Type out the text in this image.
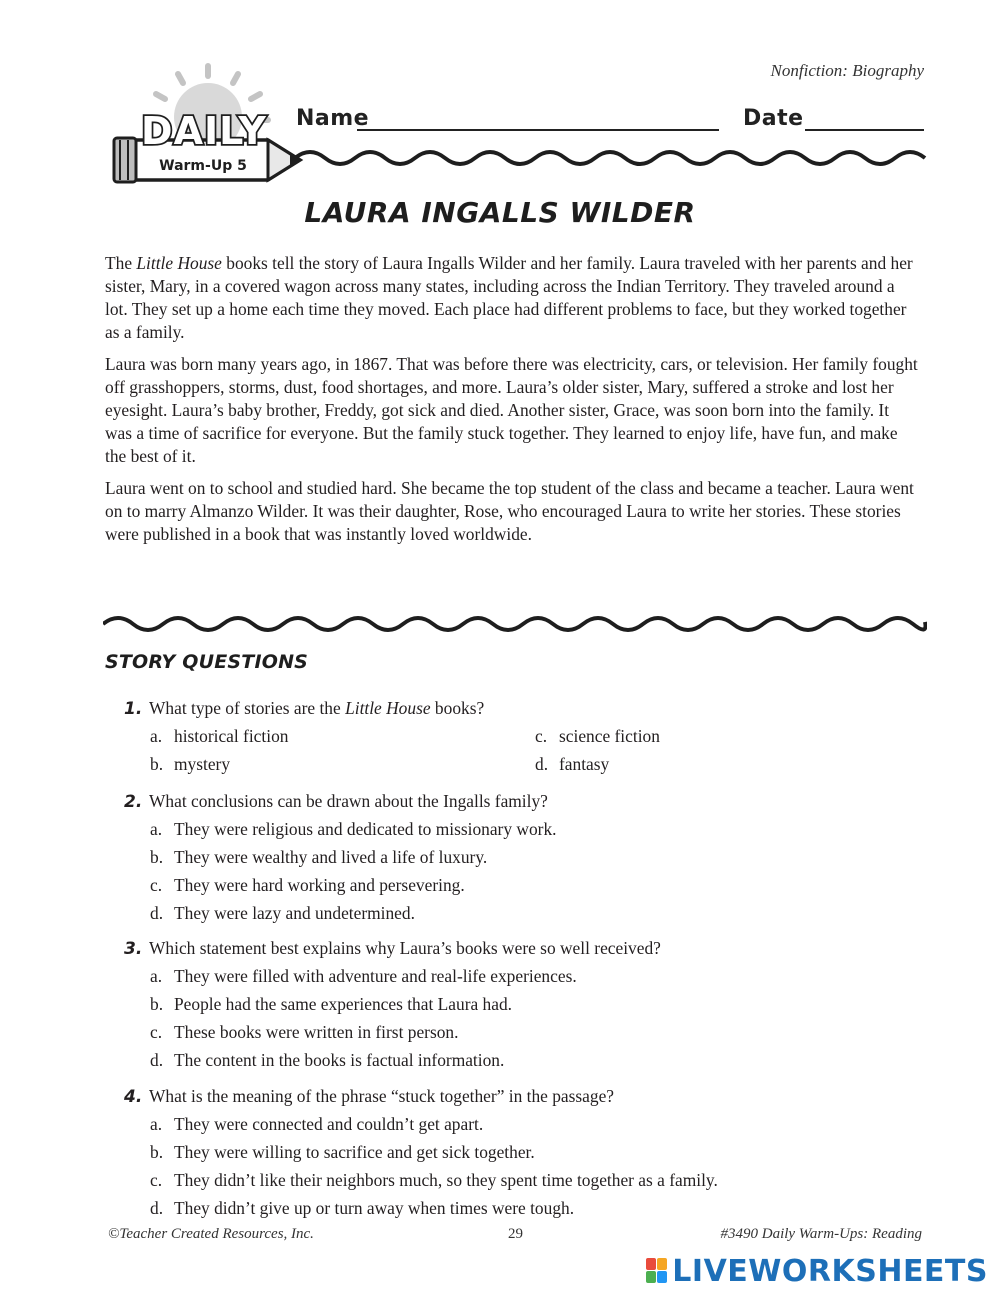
Nonfiction: Biography
DAILY
Warm-Up 5
Name	Date
LAURA INGALLS WILDER

The Little House books tell the story of Laura Ingalls Wilder and her family. Laura traveled with her parents and her sister, Mary, in a covered wagon across many states, including across the Indian Territory. They traveled around a lot. They set up a home each time they moved. Each place had different problems to face, but they worked together as a family.

Laura was born many years ago, in 1867. That was before there was electricity, cars, or television. Her family fought off grasshoppers, storms, dust, food shortages, and more. Laura’s older sister, Mary, suffered a stroke and lost her eyesight. Laura’s baby brother, Freddy, got sick and died. Another sister, Grace, was soon born into the family. It was a time of sacrifice for everyone. But the family stuck together. They learned to enjoy life, have fun, and make the best of it.

Laura went on to school and studied hard. She became the top student of the class and became a teacher. Laura went on to marry Almanzo Wilder. It was their daughter, Rose, who encouraged Laura to write her stories. These stories were published in a book that was instantly loved worldwide.

STORY QUESTIONS
1. What type of stories are the Little House books?
a. historical fiction	c. science fiction
b. mystery	d. fantasy
2. What conclusions can be drawn about the Ingalls family?
a. They were religious and dedicated to missionary work.
b. They were wealthy and lived a life of luxury.
c. They were hard working and persevering.
d. They were lazy and undetermined.
3. Which statement best explains why Laura’s books were so well received?
a. They were filled with adventure and real-life experiences.
b. People had the same experiences that Laura had.
c. These books were written in first person.
d. The content in the books is factual information.
4. What is the meaning of the phrase “stuck together” in the passage?
a. They were connected and couldn’t get apart.
b. They were willing to sacrifice and get sick together.
c. They didn’t like their neighbors much, so they spent time together as a family.
d. They didn’t give up or turn away when times were tough.
©Teacher Created Resources, Inc.	29	#3490 Daily Warm-Ups: Reading
LIVEWORKSHEETS
